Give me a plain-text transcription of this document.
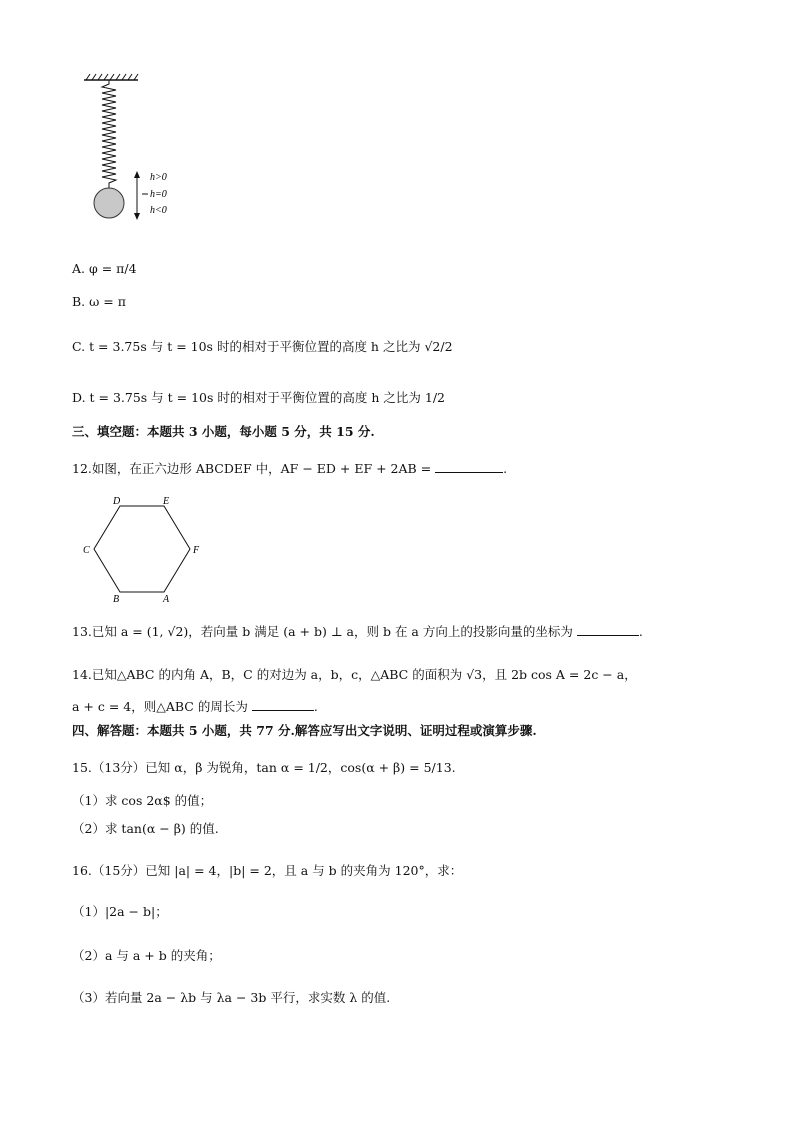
h>0
h=0
h<0
A. φ = π/4
B. ω = π
C. t = 3.75s 与 t = 10s 时的相对于平衡位置的高度 h 之比为 √2/2
D. t = 3.75s 与 t = 10s 时的相对于平衡位置的高度 h 之比为 1/2
三、填空题：本题共 3 小题，每小题 5 分，共 15 分.
12.如图，在正六边形 ABCDEF 中，AF − ED + EF + 2AB =	.
D	E
C	F
B	A
13.已知 a = (1, √2)，若向量 b 满足 (a + b) ⊥ a，则 b 在 a 方向上的投影向量的坐标为	.
14.已知△ABC 的内角 A，B，C 的对边为 a，b，c，△ABC 的面积为 √3，且 2b cos A = 2c − a，
a + c = 4，则△ABC 的周长为	.
四、解答题：本题共 5 小题，共 77 分.解答应写出文字说明、证明过程或演算步骤.
15.（13分）已知 α，β 为锐角，tan α = 1/2，cos(α + β) = 5/13.
（1）求 cos 2α$ 的值；
（2）求 tan(α − β) 的值.
16.（15分）已知 |a| = 4，|b| = 2，且 a 与 b 的夹角为 120°，求：
（1）|2a − b|；
（2）a 与 a + b 的夹角；
（3）若向量 2a − λb 与 λa − 3b 平行，求实数 λ 的值.
